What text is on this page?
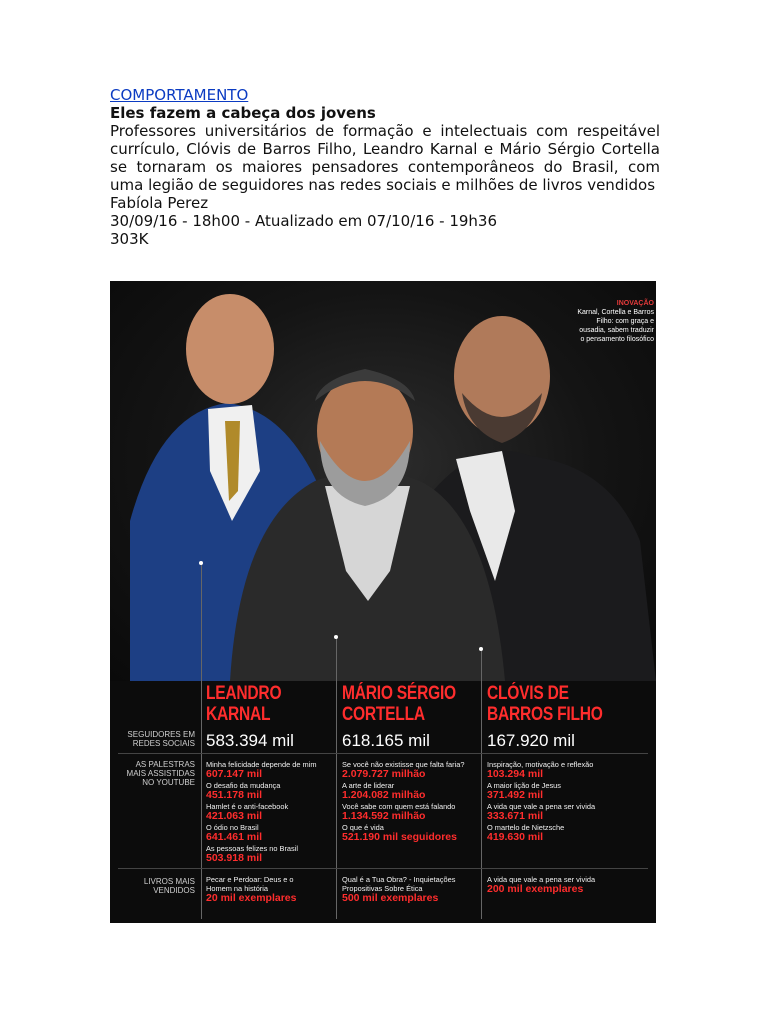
COMPORTAMENTO
Eles fazem a cabeça dos jovens
Professores universitários de formação e intelectuais com respeitável currículo, Clóvis de Barros Filho, Leandro Karnal e Mário Sérgio Cortella se tornaram os maiores pensadores contemporâneos do Brasil, com uma legião de seguidores nas redes sociais e milhões de livros vendidos
Fabíola Perez
30/09/16 - 18h00 - Atualizado em 07/10/16 - 19h36
303K
INOVAÇÃO
Karnal, Cortella e Barros Filho: com graça e ousadia, sabem traduzir o pensamento filosófico
LEANDRO
KARNAL
MÁRIO SÉRGIO
CORTELLA
CLÓVIS DE
BARROS FILHO
SEGUIDORES EM REDES SOCIAIS 583.394 mil	618.165 mil	167.920 mil
AS PALESTRAS MAIS ASSISTIDAS NO YOUTUBE
Minha felicidade depende de mim
607.147 mil
O desafio da mudança
451.178 mil
Hamlet é o anti-facebook
421.063 mil
O ódio no Brasil
641.461 mil
As pessoas felizes no Brasil
503.918 mil
Se você não existisse que falta faria?
2.079.727 milhão
A arte de liderar
1.204.082 milhão
Você sabe com quem está falando
1.134.592 milhão
O que é vida
521.190 mil seguidores
Inspiração, motivação e reflexão
103.294 mil
A maior lição de Jesus
371.492 mil
A vida que vale a pena ser vivida
333.671 mil
O martelo de Nietzsche
419.630 mil
LIVROS MAIS VENDIDOS
Pecar e Perdoar: Deus e o Homem na história
20 mil exemplares
Qual é a Tua Obra? - Inquietações Propositivas Sobre Ética
500 mil exemplares
A vida que vale a pena ser vivida
200 mil exemplares
